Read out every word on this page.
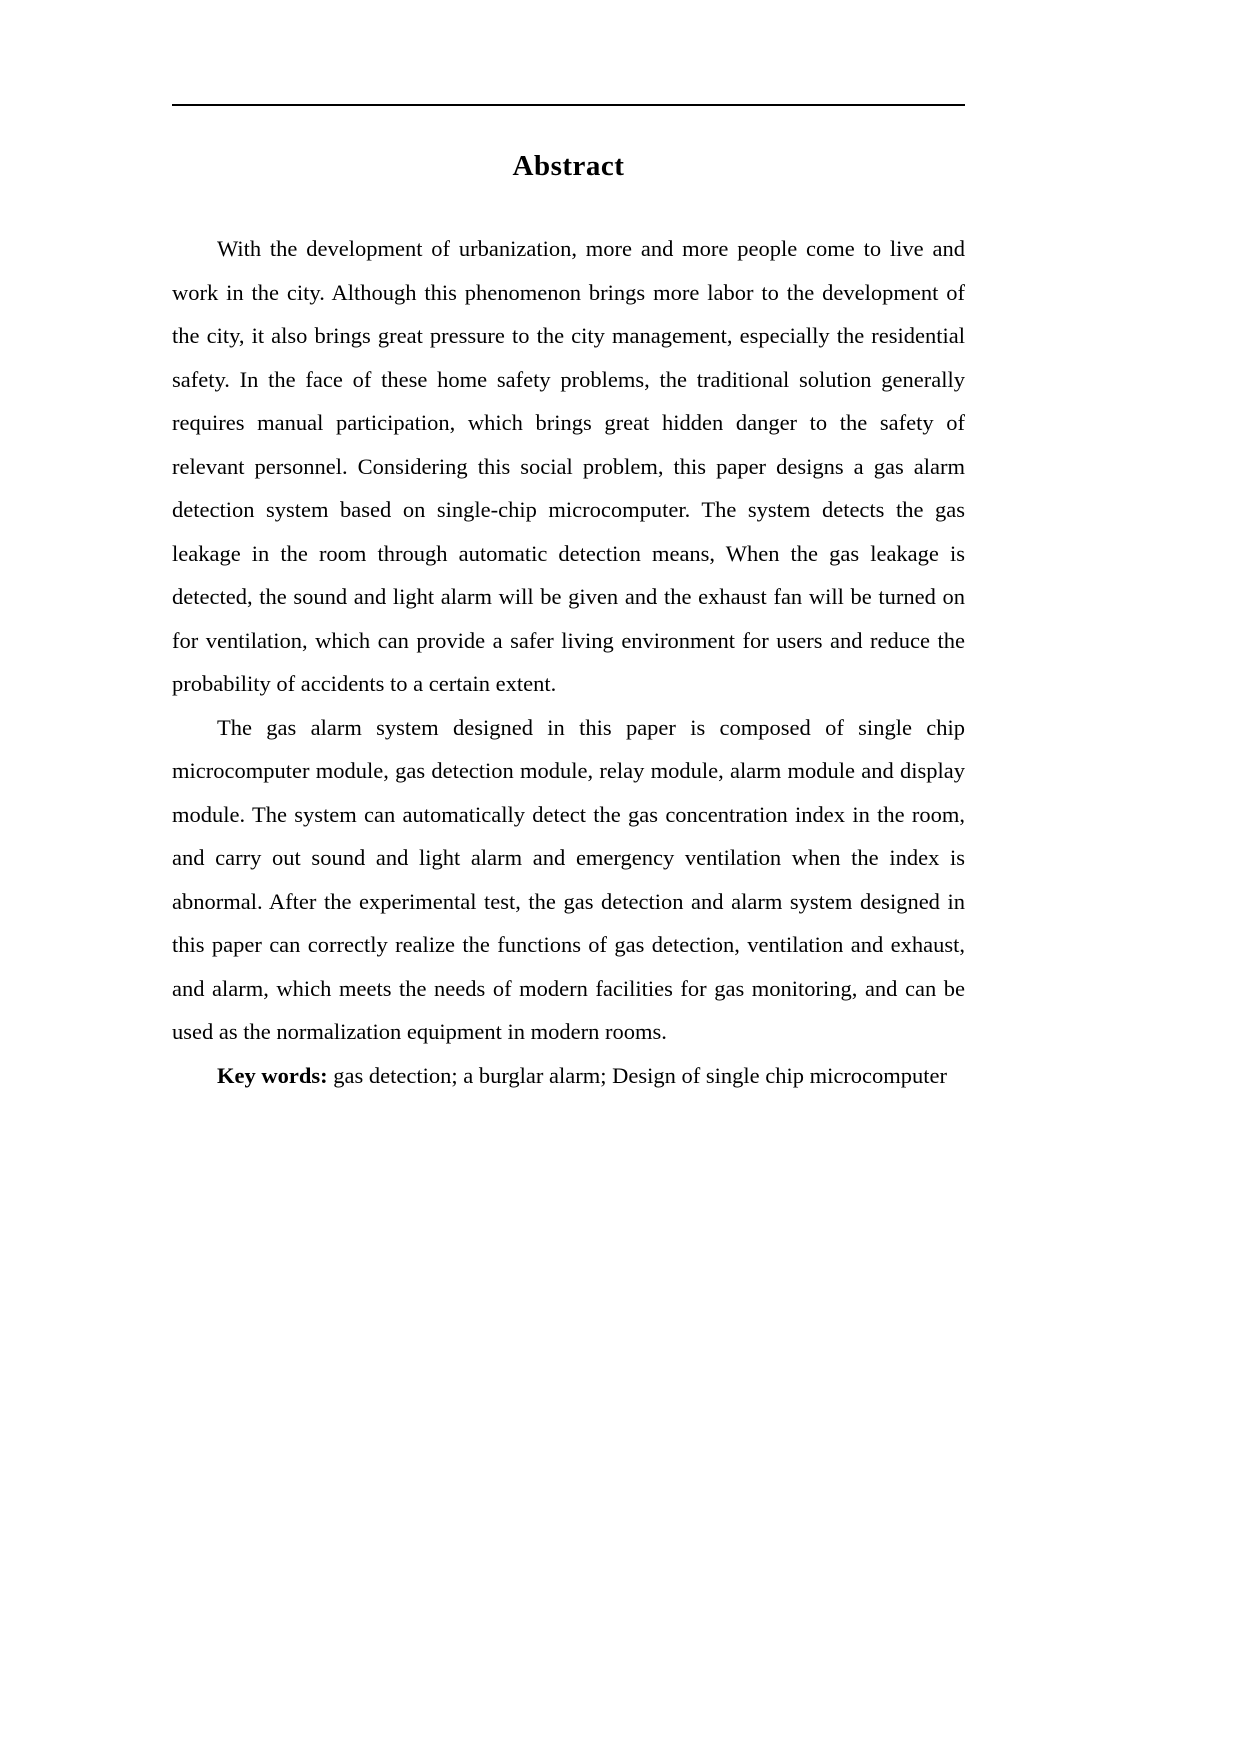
Abstract

With the development of urbanization, more and more people come to live and work in the city. Although this phenomenon brings more labor to the development of the city, it also brings great pressure to the city management, especially the residential safety. In the face of these home safety problems, the traditional solution generally requires manual participation, which brings great hidden danger to the safety of relevant personnel. Considering this social problem, this paper designs a gas alarm detection system based on single-chip microcomputer. The system detects the gas leakage in the room through automatic detection means, When the gas leakage is detected, the sound and light alarm will be given and the exhaust fan will be turned on for ventilation, which can provide a safer living environment for users and reduce the probability of accidents to a certain extent.

The gas alarm system designed in this paper is composed of single chip microcomputer module, gas detection module, relay module, alarm module and display module. The system can automatically detect the gas concentration index in the room, and carry out sound and light alarm and emergency ventilation when the index is abnormal. After the experimental test, the gas detection and alarm system designed in this paper can correctly realize the functions of gas detection, ventilation and exhaust, and alarm, which meets the needs of modern facilities for gas monitoring, and can be used as the normalization equipment in modern rooms.

Key words: gas detection; a burglar alarm; Design of single chip microcomputer
